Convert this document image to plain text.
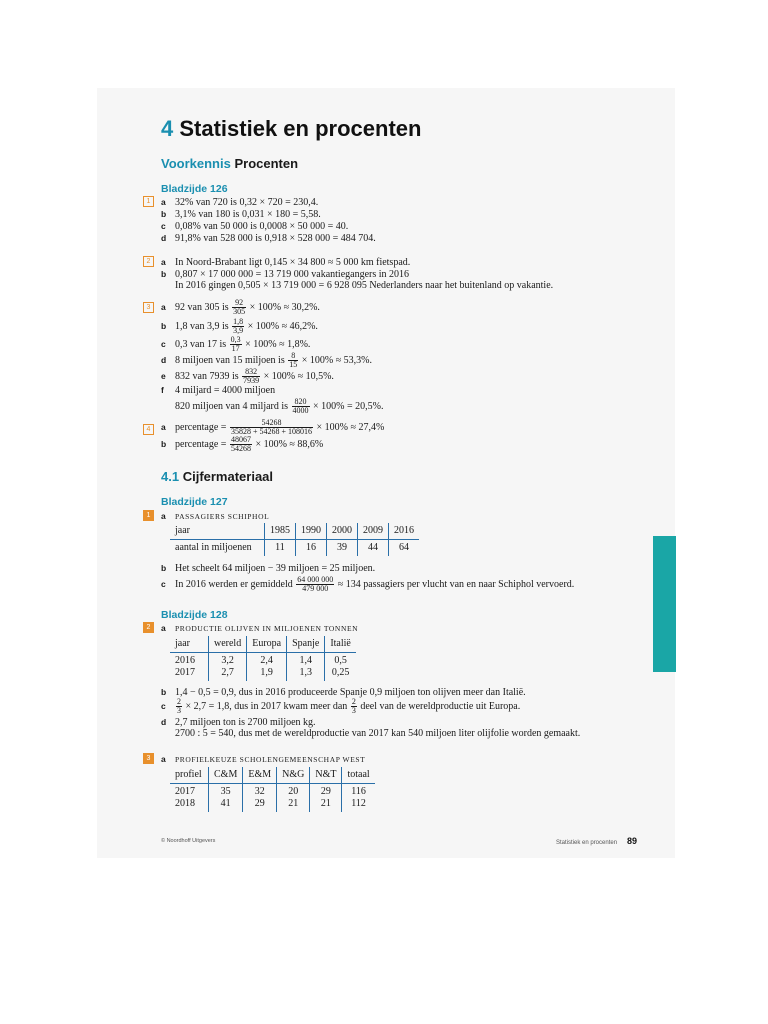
4 Statistiek en procenten
Voorkennis Procenten
Bladzijde 126
1	a 32% van 720 is 0,32 × 720 = 230,4.
b 3,1% van 180 is 0,031 × 180 = 5,58.
c 0,08% van 50 000 is 0,0008 × 50 000 = 40.
d 91,8% van 528 000 is 0,918 × 528 000 = 484 704.
2	a In Noord-Brabant ligt 0,145 × 34 800 ≈ 5 000 km fietspad.
b 0,807 × 17 000 000 = 13 719 000 vakantiegangers in 2016
In 2016 gingen 0,505 × 13 719 000 = 6 928 095 Nederlanders naar het buitenland op vakantie.
3	a 92 van 305 is $\frac{92}{305} \times 100\% \approx 30,2\%$.
b 1,8 van 3,9 is $\frac{1,8}{3,9} \times 100\% \approx 46,2\%$.
c 0,3 van 17 is $\frac{0,3}{17} \times 100\% \approx 1,8\%$.
d 8 miljoen van 15 miljoen is $\frac{8}{15} \times 100\% \approx 53,3\%$.
e 832 van 7939 is $\frac{832}{7939} \times 100\% \approx 10,5\%$.
f 4 miljard = 4000 miljoen
820 miljoen van 4 miljard is $\frac{820}{4000} \times 100\% = 20,5\%$.
4	a percentage = $\frac{54268}{35828 + 54268 + 108016} \times 100\% \approx 27,4\%$
b percentage = $\frac{48067}{54268} \times 100\% \approx 88,6\%$
4.1 Cijfermateriaal
Bladzijde 127
1	a PASSAGIERS SCHIPHOL
jaar	1985	1990	2000	2009	2016
aantal in miljoenen	11	16	39	44	64
b Het scheelt 64 miljoen − 39 miljoen = 25 miljoen.
c In 2016 werden er gemiddeld $\frac{64 000 000}{479 000} \approx 134$ passagiers per vlucht van en naar Schiphol vervoerd.
Bladzijde 128
2	a PRODUCTIE OLIJVEN IN MILJOENEN TONNEN
jaar	wereld	Europa	Spanje	Italië
2016	3,2	2,4	1,4	0,5
2017	2,7	1,9	1,3	0,25
b 1,4 − 0,5 = 0,9, dus in 2016 produceerde Spanje 0,9 miljoen ton olijven meer dan Italië.
c $\frac{2}{3} \times 2,7 = 1,8$, dus in 2017 kwam meer dan $\frac{2}{3}$ deel van de wereldproductie uit Europa.
d 2,7 miljoen ton is 2700 miljoen kg.
2700 : 5 = 540, dus met de wereldproductie van 2017 kan 540 miljoen liter olijfolie worden gemaakt.
3	a PROFIELKEUZE SCHOLENGEMEENSCHAP WEST
profiel	C&M	E&M	N&G	N&T	totaal
2017	35	32	20	29	116
2018	41	29	21	21	112
© Noordhoff Uitgevers	Statistiek en procenten 89
